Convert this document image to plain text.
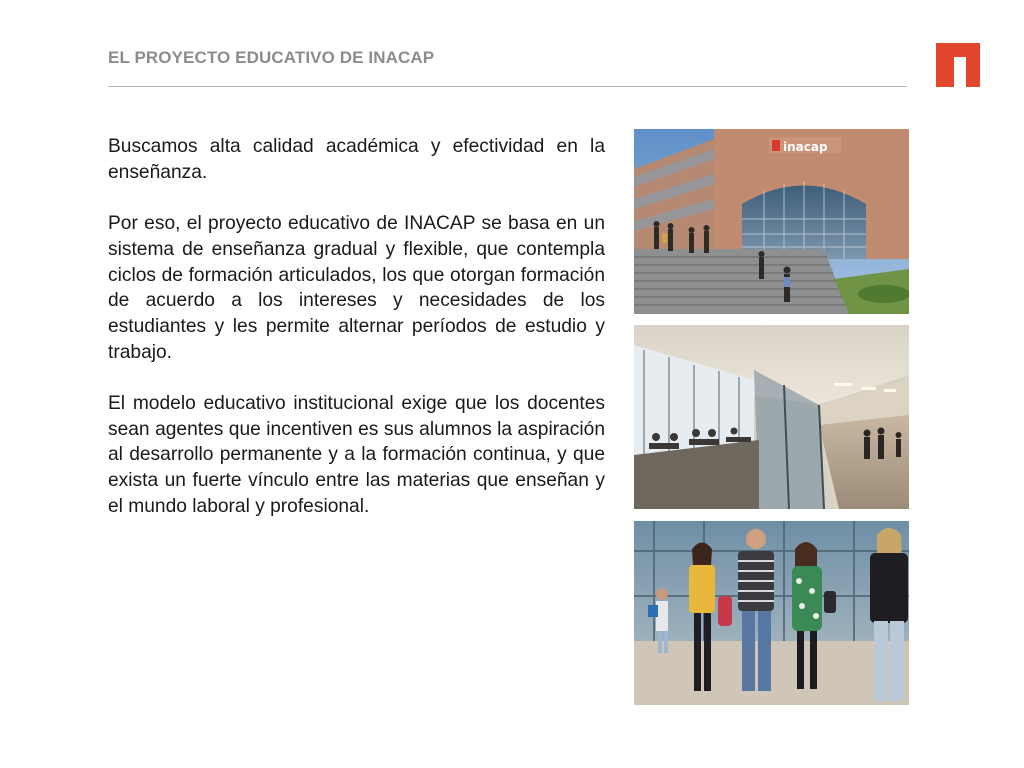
EL PROYECTO EDUCATIVO DE INACAP

Buscamos alta calidad académica y efectividad en la enseñanza.

Por eso, el proyecto educativo de INACAP se basa en un sistema de enseñanza gradual y flexible, que contempla ciclos de formación articulados, los que otorgan formación de acuerdo a los intereses y necesidades de los estudiantes y les permite alternar períodos de estudio y trabajo.

El modelo educativo institucional exige que los docentes sean agentes que incentiven es sus alumnos la aspiración al desarrollo permanente y a la formación continua, y que exista un fuerte vínculo entre las materias que enseñan y el mundo laboral y profesional.

inacap
